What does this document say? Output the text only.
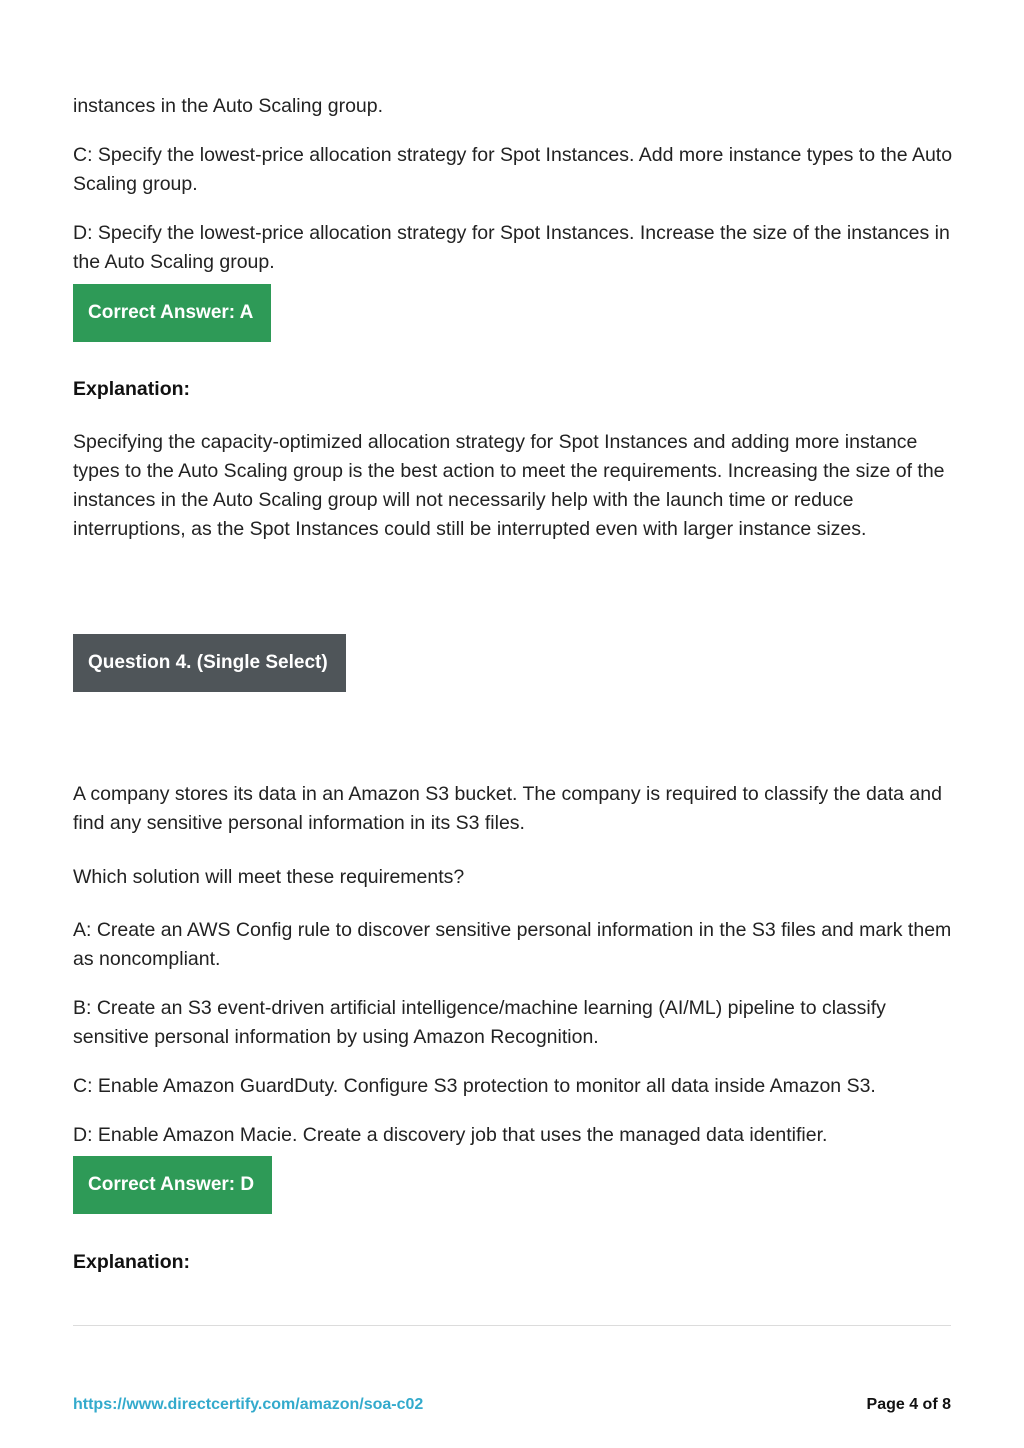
instances in the Auto Scaling group.

C: Specify the lowest-price allocation strategy for Spot Instances. Add more instance types to the Auto Scaling group.

D: Specify the lowest-price allocation strategy for Spot Instances. Increase the size of the instances in the Auto Scaling group.

Correct Answer: A

Explanation:

Specifying the capacity-optimized allocation strategy for Spot Instances and adding more instance types to the Auto Scaling group is the best action to meet the requirements. Increasing the size of the instances in the Auto Scaling group will not necessarily help with the launch time or reduce interruptions, as the Spot Instances could still be interrupted even with larger instance sizes.

Question 4. (Single Select)

A company stores its data in an Amazon S3 bucket. The company is required to classify the data and find any sensitive personal information in its S3 files.

Which solution will meet these requirements?

A: Create an AWS Config rule to discover sensitive personal information in the S3 files and mark them as noncompliant.

B: Create an S3 event-driven artificial intelligence/machine learning (AI/ML) pipeline to classify sensitive personal information by using Amazon Recognition.

C: Enable Amazon GuardDuty. Configure S3 protection to monitor all data inside Amazon S3.

D: Enable Amazon Macie. Create a discovery job that uses the managed data identifier.

Correct Answer: D

Explanation:

https://www.directcertify.com/amazon/soa-c02	Page 4 of 8
